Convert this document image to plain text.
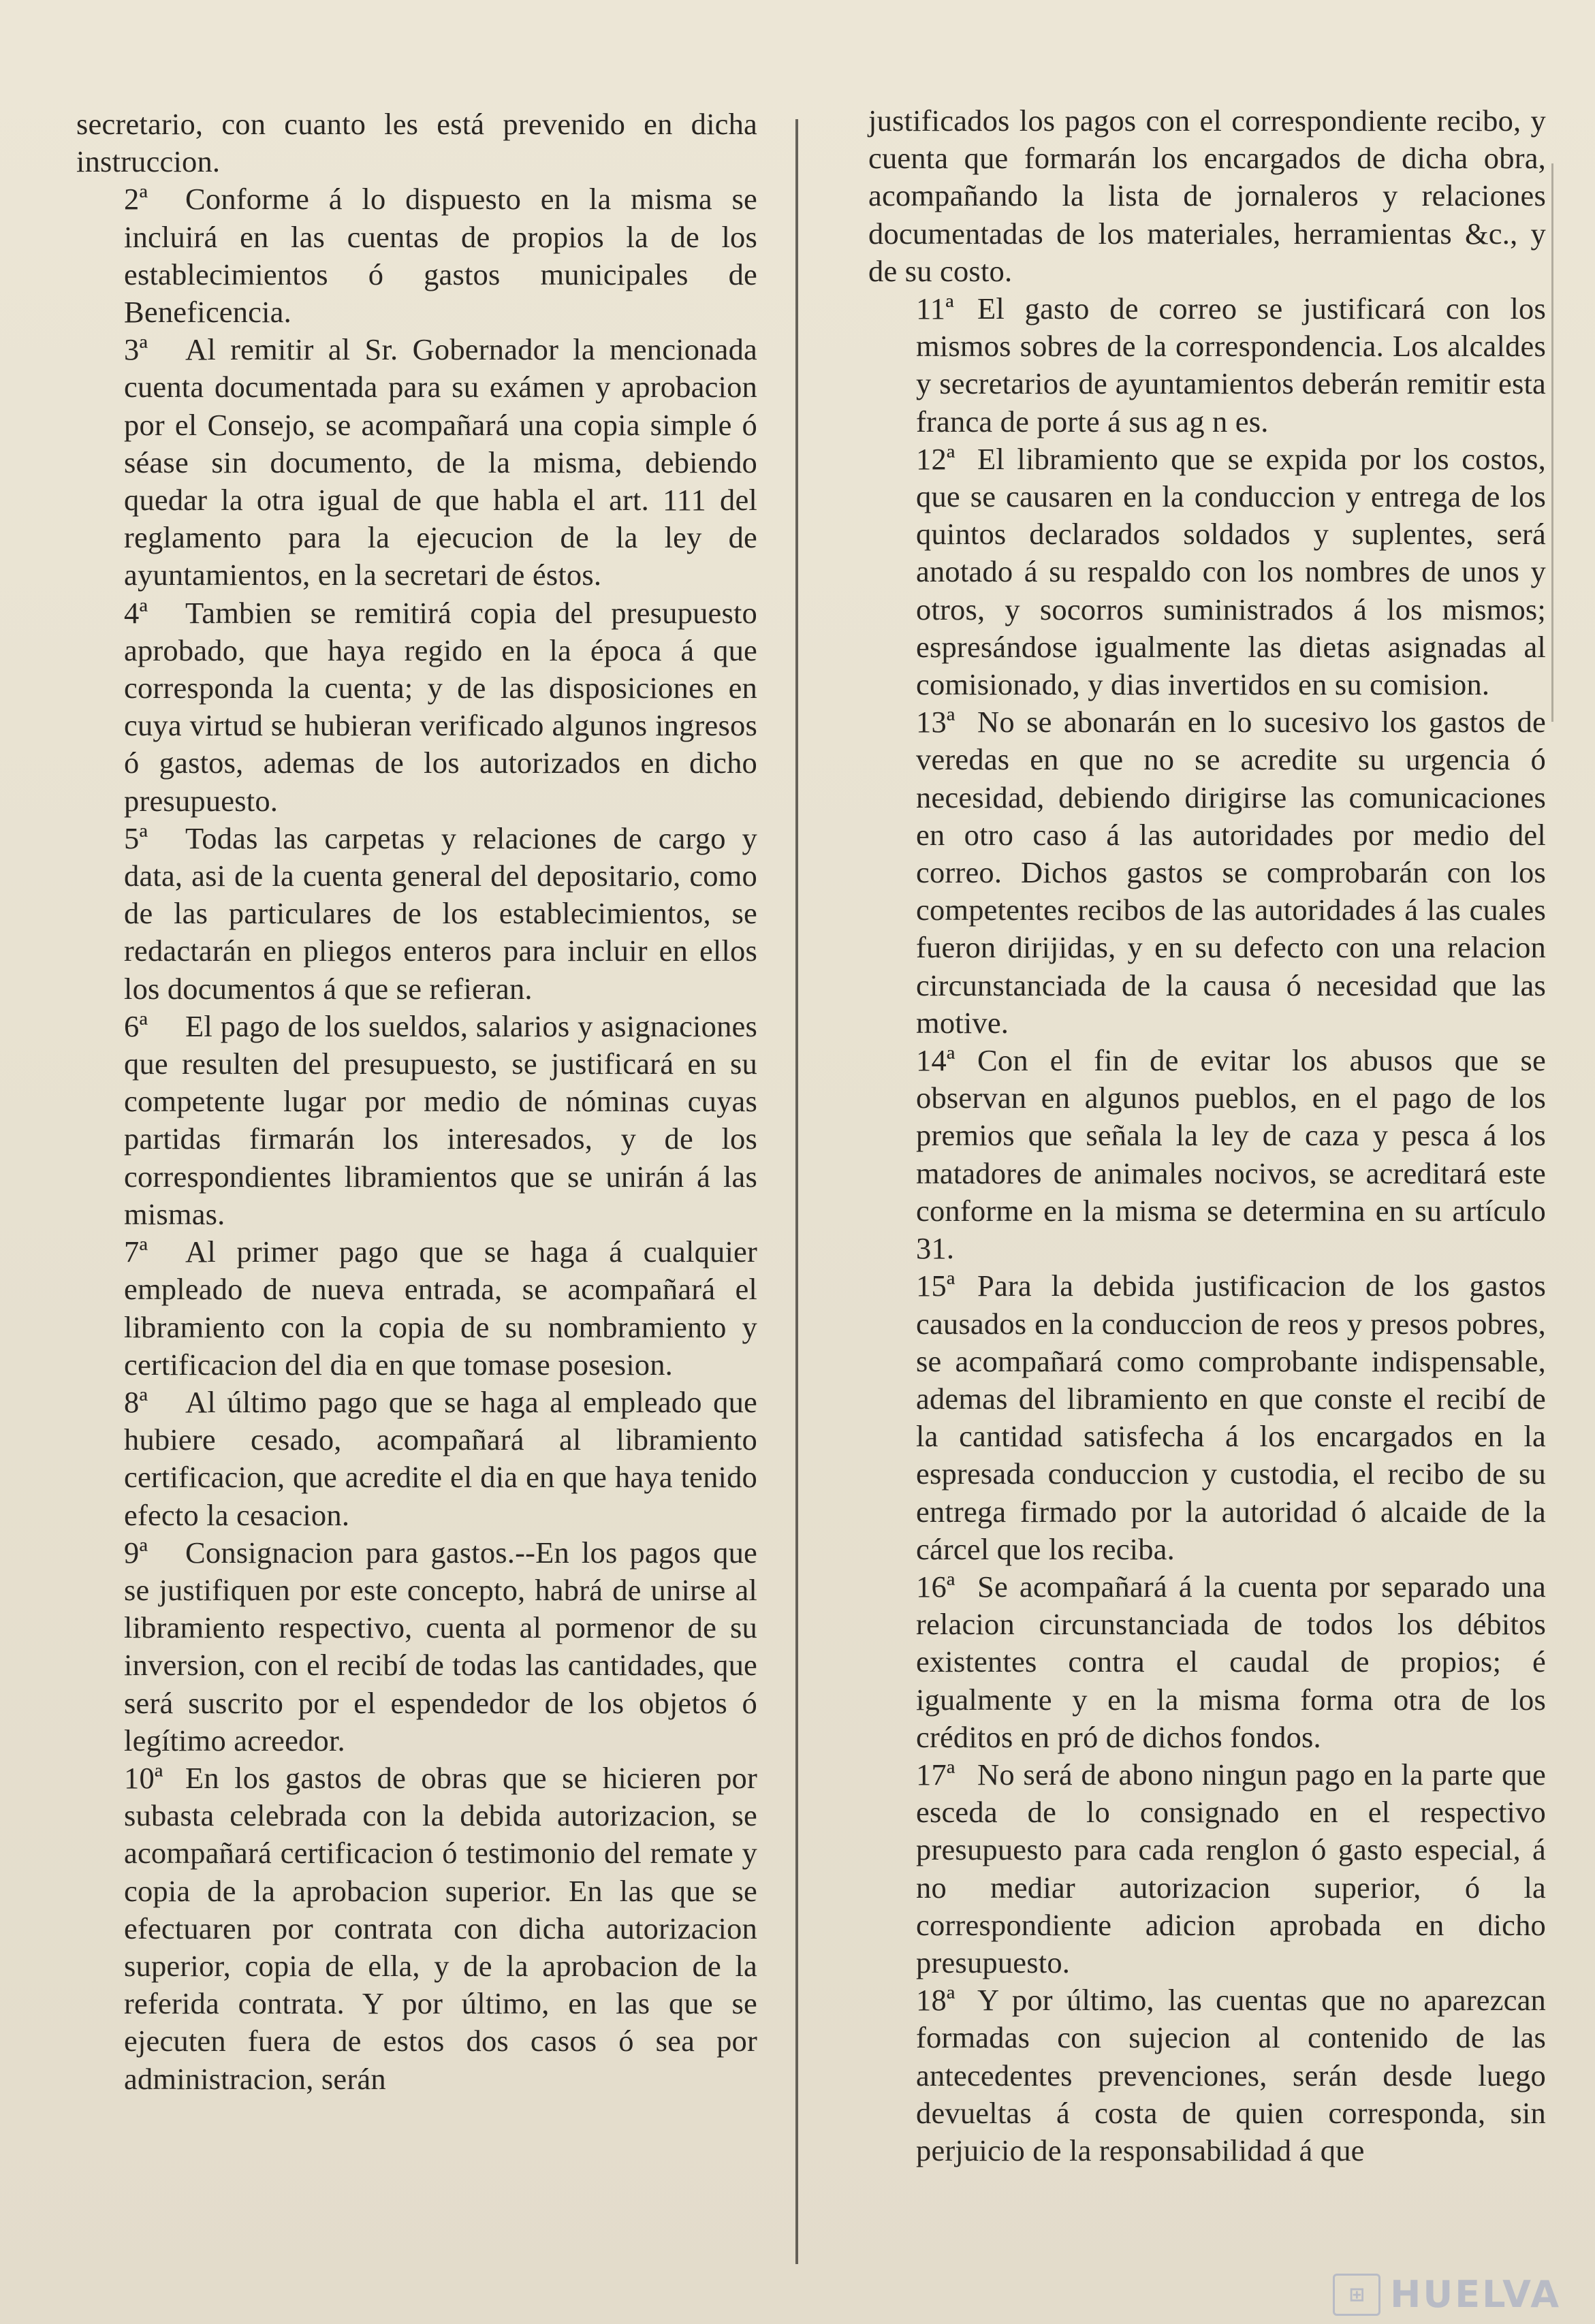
secretario, con cuanto les está prevenido en dicha instruccion.

2ª Conforme á lo dispuesto en la misma se incluirá en las cuentas de propios la de los establecimientos ó gastos municipales de Beneficencia.

3ª Al remitir al Sr. Gobernador la mencionada cuenta documentada para su exámen y aprobacion por el Consejo, se acompañará una copia simple ó séase sin documento, de la misma, debiendo quedar la otra igual de que habla el art. 111 del reglamento para la ejecucion de la ley de ayuntamientos, en la secretari de éstos.

4ª Tambien se remitirá copia del presupuesto aprobado, que haya regido en la época á que corresponda la cuenta; y de las disposiciones en cuya virtud se hubieran verificado algunos ingresos ó gastos, ademas de los autorizados en dicho presupuesto.

5ª Todas las carpetas y relaciones de cargo y data, asi de la cuenta general del depositario, como de las particulares de los establecimientos, se redactarán en pliegos enteros para incluir en ellos los documentos á que se refieran.

6ª El pago de los sueldos, salarios y asignaciones que resulten del presupuesto, se justificará en su competente lugar por medio de nóminas cuyas partidas firmarán los interesados, y de los correspondientes libramientos que se unirán á las mismas.

7ª Al primer pago que se haga á cualquier empleado de nueva entrada, se acompañará el libramiento con la copia de su nombramiento y certificacion del dia en que tomase posesion.

8ª Al último pago que se haga al empleado que hubiere cesado, acompañará al libramiento certificacion, que acredite el dia en que haya tenido efecto la cesacion.

9ª Consignacion para gastos.--En los pagos que se justifiquen por este concepto, habrá de unirse al libramiento respectivo, cuenta al pormenor de su inversion, con el recibí de todas las cantidades, que será suscrito por el espendedor de los objetos ó legítimo acreedor.

10ª En los gastos de obras que se hicieren por subasta celebrada con la debida autorizacion, se acompañará certificacion ó testimonio del remate y copia de la aprobacion superior. En las que se efectuaren por contrata con dicha autorizacion superior, copia de ella, y de la aprobacion de la referida contrata. Y por último, en las que se ejecuten fuera de estos dos casos ó sea por administracion, serán

justificados los pagos con el correspondiente recibo, y cuenta que formarán los encargados de dicha obra, acompañando la lista de jornaleros y relaciones documentadas de los materiales, herramientas &c., y de su costo.

11ª El gasto de correo se justificará con los mismos sobres de la correspondencia. Los alcaldes y secretarios de ayuntamientos deberán remitir esta franca de porte á sus ag n es.

12ª El libramiento que se expida por los costos, que se causaren en la conduccion y entrega de los quintos declarados soldados y suplentes, será anotado á su respaldo con los nombres de unos y otros, y socorros suministrados á los mismos; espresándose igualmente las dietas asignadas al comisionado, y dias invertidos en su comision.

13ª No se abonarán en lo sucesivo los gastos de veredas en que no se acredite su urgencia ó necesidad, debiendo dirigirse las comunicaciones en otro caso á las autoridades por medio del correo. Dichos gastos se comprobarán con los competentes recibos de las autoridades á las cuales fueron dirijidas, y en su defecto con una relacion circunstanciada de la causa ó necesidad que las motive.

14ª Con el fin de evitar los abusos que se observan en algunos pueblos, en el pago de los premios que señala la ley de caza y pesca á los matadores de animales nocivos, se acreditará este conforme en la misma se determina en su artículo 31.

15ª Para la debida justificacion de los gastos causados en la conduccion de reos y presos pobres, se acompañará como comprobante indispensable, ademas del libramiento en que conste el recibí de la cantidad satisfecha á los encargados en la espresada conduccion y custodia, el recibo de su entrega firmado por la autoridad ó alcaide de la cárcel que los reciba.

16ª Se acompañará á la cuenta por separado una relacion circunstanciada de todos los débitos existentes contra el caudal de propios; é igualmente y en la misma forma otra de los créditos en pró de dichos fondos.

17ª No será de abono ningun pago en la parte que esceda de lo consignado en el respectivo presupuesto para cada renglon ó gasto especial, á no mediar autorizacion superior, ó la correspondiente adicion aprobada en dicho presupuesto.

18ª Y por último, las cuentas que no aparezcan formadas con sujecion al contenido de las antecedentes prevenciones, serán desde luego devueltas á costa de quien corresponda, sin perjuicio de la responsabilidad á que

⊞ HUELVA
